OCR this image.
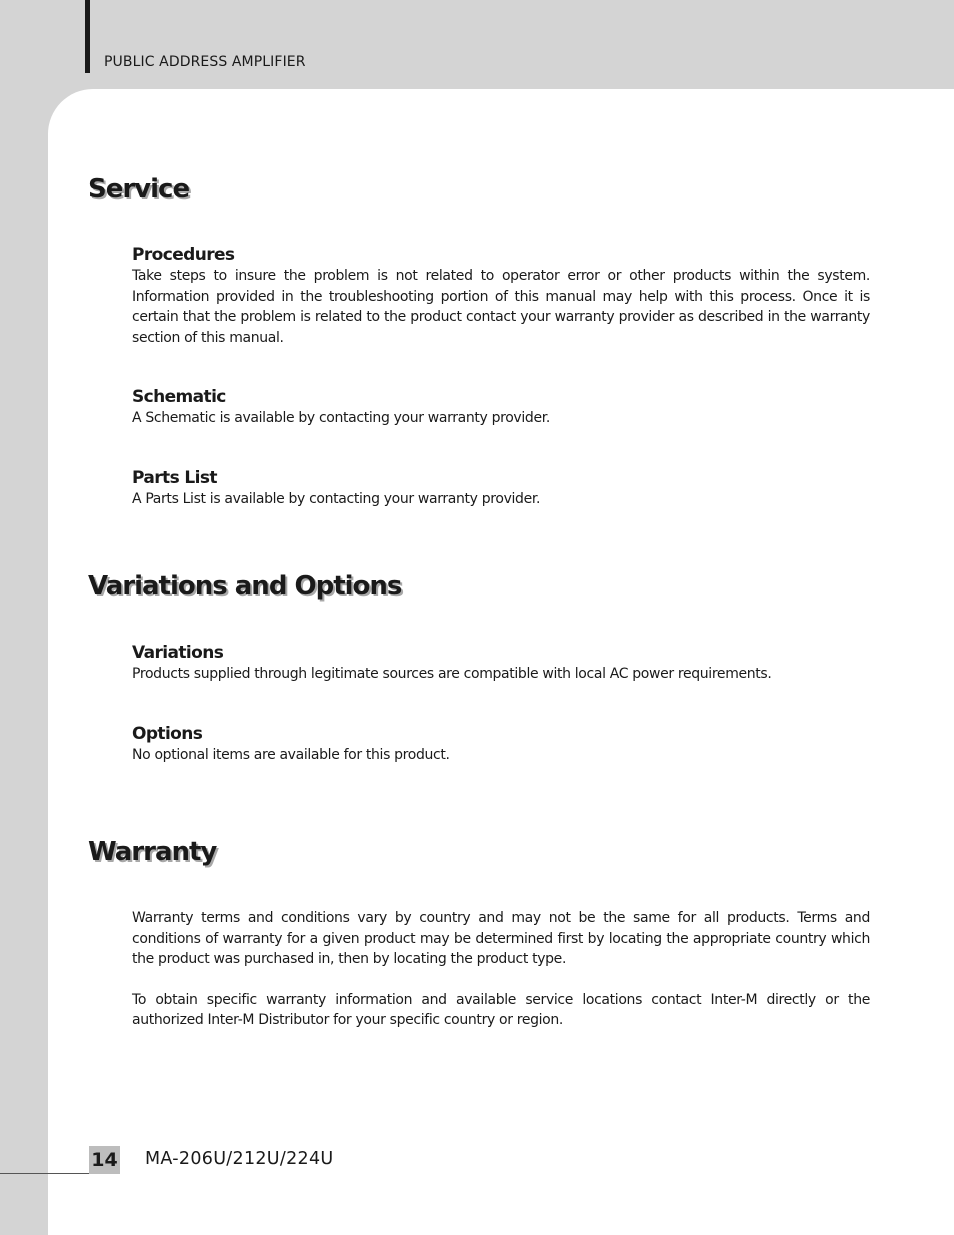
PUBLIC ADDRESS AMPLIFIER
Service

Procedures

Take steps to insure the problem is not related to operator error or other products within the system. Information provided in the troubleshooting portion of this manual may help with this process. Once it is certain that the problem is related to the product contact your warranty provider as described in the warranty section of this manual.

Schematic

A Schematic is available by contacting your warranty provider.

Parts List

A Parts List is available by contacting your warranty provider.

Variations and Options

Variations

Products supplied through legitimate sources are compatible with local AC power requirements.

Options

No optional items are available for this product.

Warranty

Warranty terms and conditions vary by country and may not be the same for all products. Terms and conditions of warranty for a given product may be determined first by locating the appropriate country which the product was purchased in, then by locating the product type.

To obtain specific warranty information and available service locations contact Inter-M directly or the authorized Inter-M Distributor for your specific country or region.

14 MA-206U/212U/224U
